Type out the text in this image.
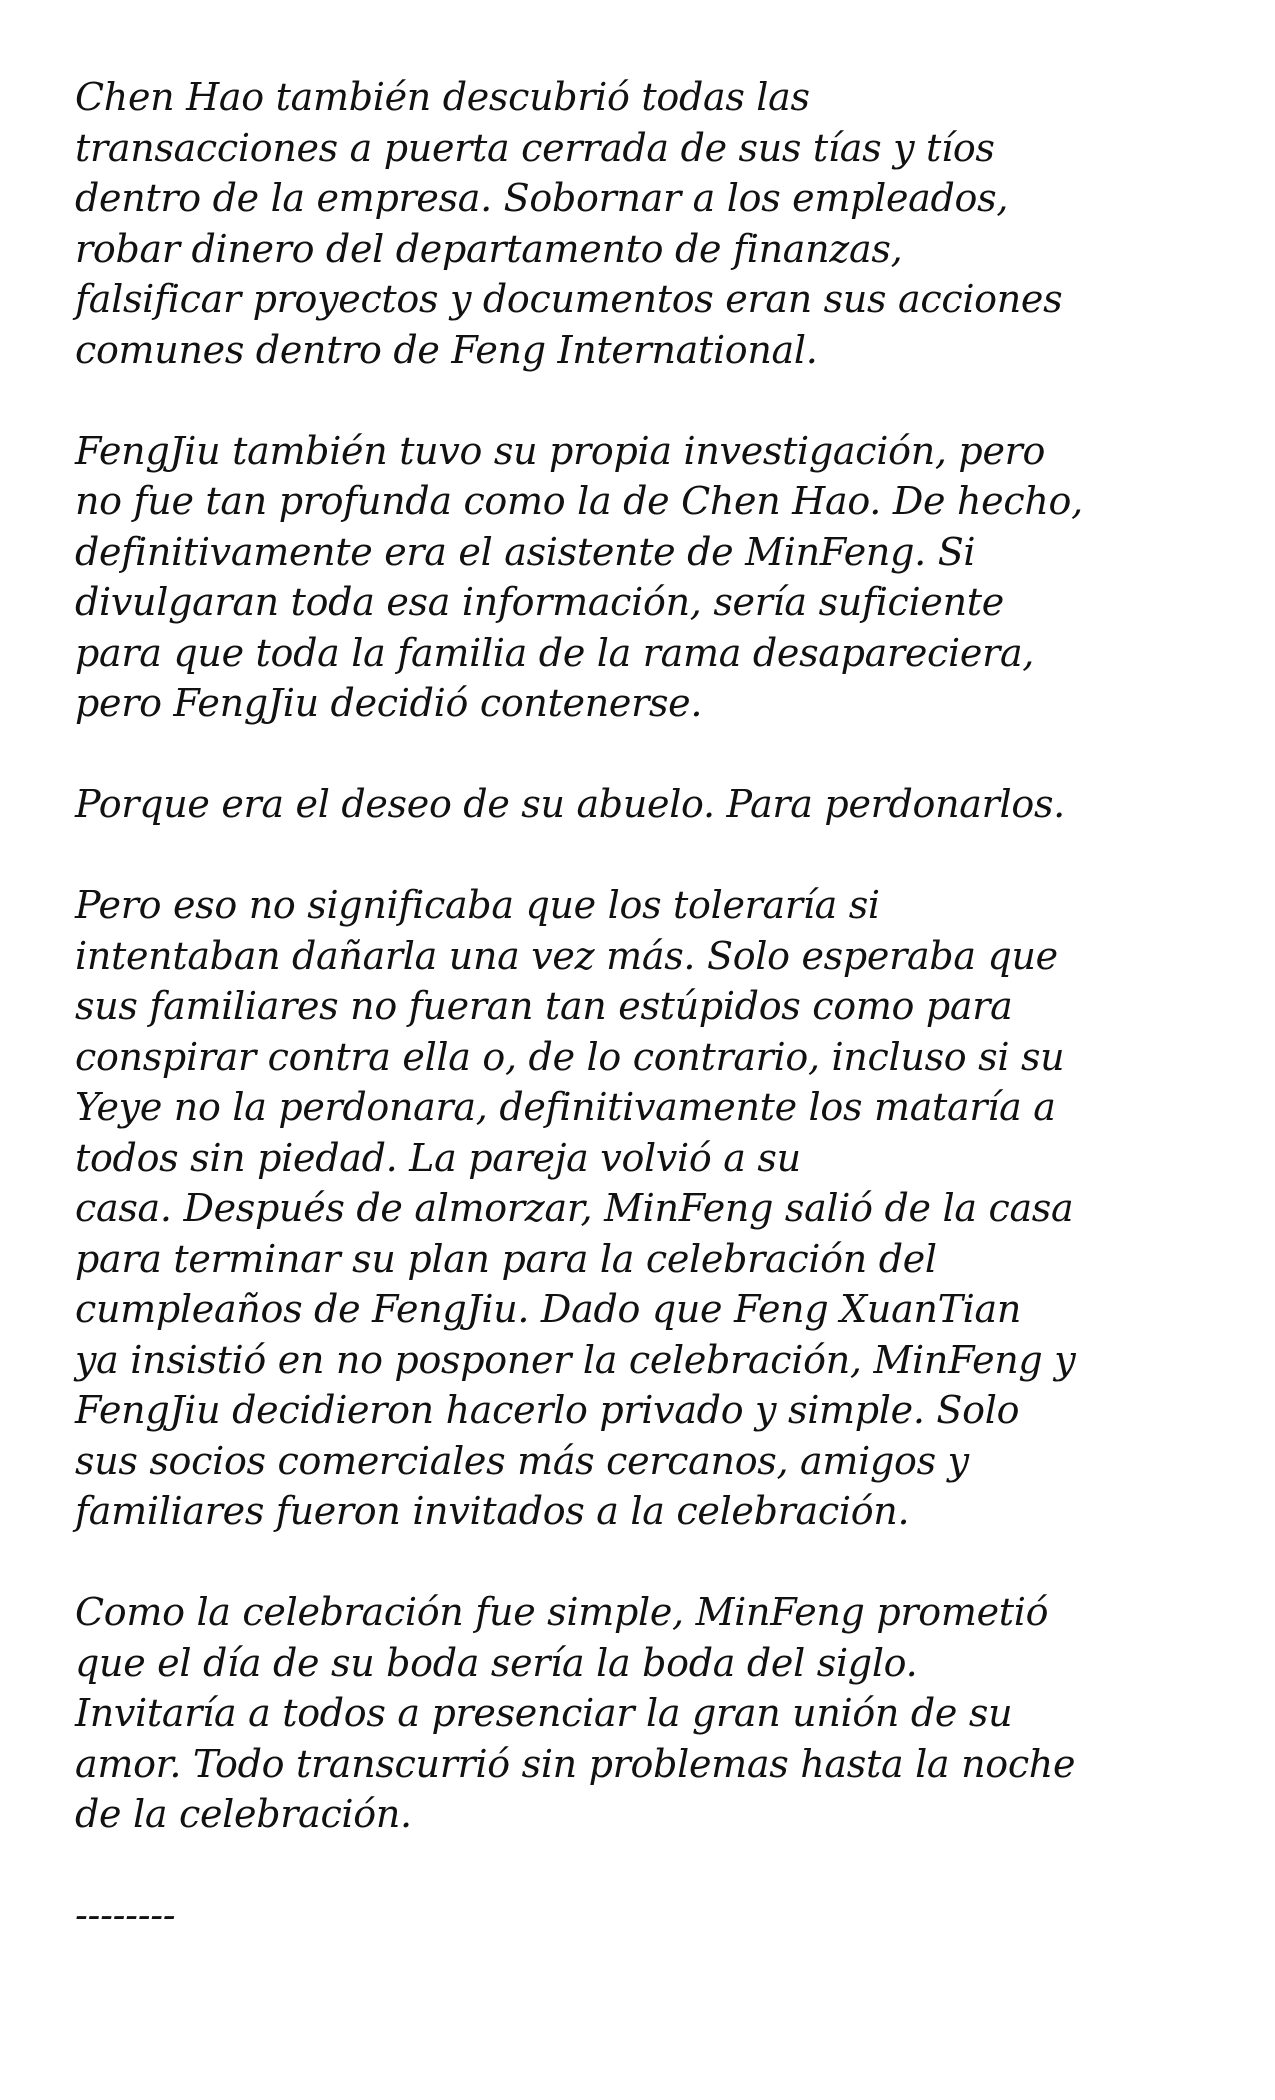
Chen Hao también descubrió todas las
transacciones a puerta cerrada de sus tías y tíos
dentro de la empresa. Sobornar a los empleados,
robar dinero del departamento de finanzas,
falsificar proyectos y documentos eran sus acciones
comunes dentro de Feng International.

FengJiu también tuvo su propia investigación, pero
no fue tan profunda como la de Chen Hao. De hecho,
definitivamente era el asistente de MinFeng. Si
divulgaran toda esa información, sería suficiente
para que toda la familia de la rama desapareciera,
pero FengJiu decidió contenerse.

Porque era el deseo de su abuelo. Para perdonarlos.

Pero eso no significaba que los toleraría si
intentaban dañarla una vez más. Solo esperaba que
sus familiares no fueran tan estúpidos como para
conspirar contra ella o, de lo contrario, incluso si su
Yeye no la perdonara, definitivamente los mataría a
todos sin piedad. La pareja volvió a su
casa. Después de almorzar, MinFeng salió de la casa
para terminar su plan para la celebración del
cumpleaños de FengJiu. Dado que Feng XuanTian
ya insistió en no posponer la celebración, MinFeng y
FengJiu decidieron hacerlo privado y simple. Solo
sus socios comerciales más cercanos, amigos y
familiares fueron invitados a la celebración.

Como la celebración fue simple, MinFeng prometió
que el día de su boda sería la boda del siglo.
Invitaría a todos a presenciar la gran unión de su
amor. Todo transcurrió sin problemas hasta la noche
de la celebración.

--------
